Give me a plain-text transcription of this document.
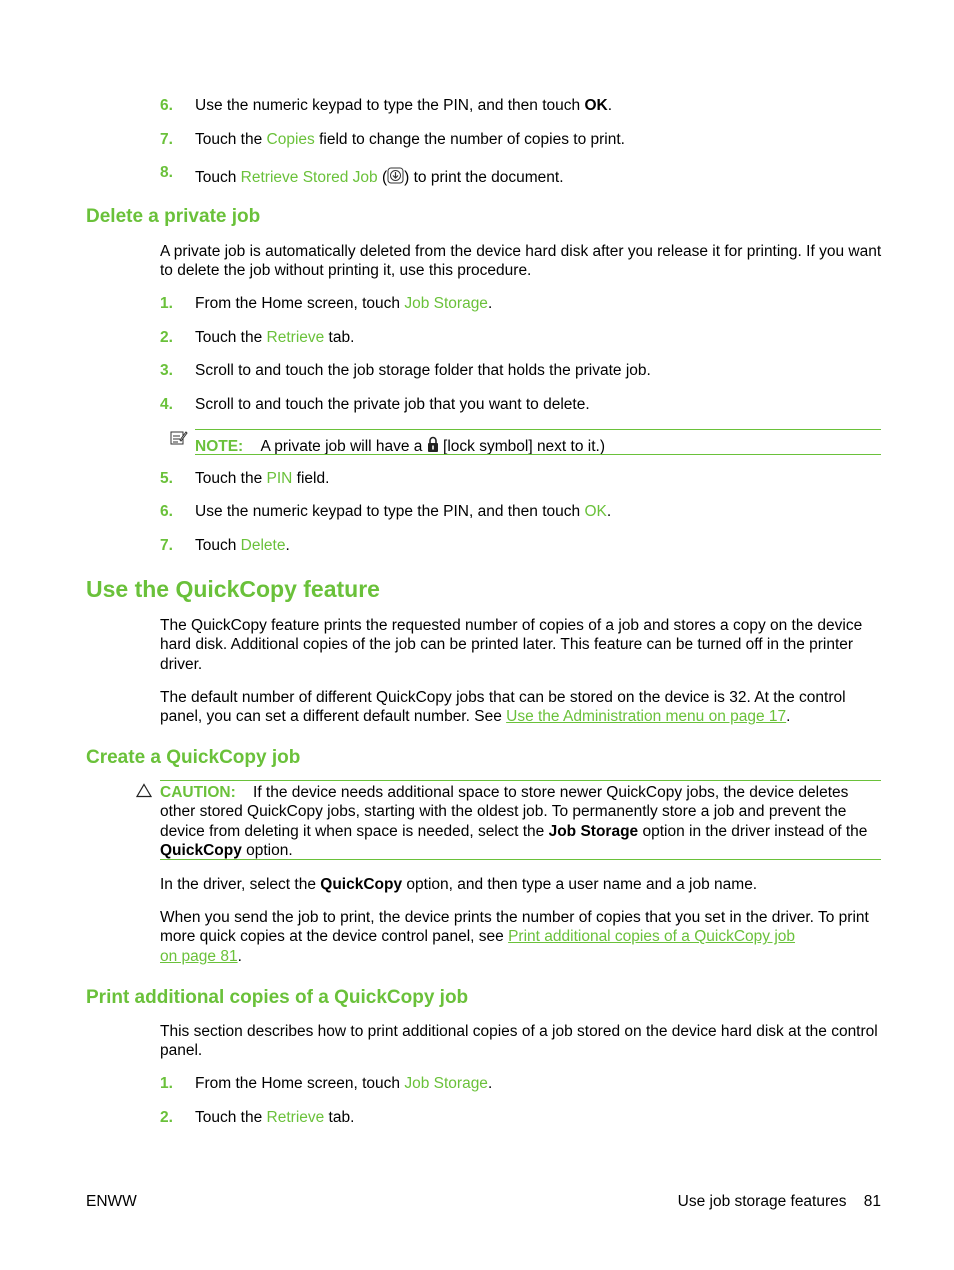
6. Use the numeric keypad to type the PIN, and then touch OK.
7. Touch the Copies field to change the number of copies to print.
8. Touch Retrieve Stored Job ( ) to print the document.
Delete a private job
A private job is automatically deleted from the device hard disk after you release it for printing. If you want to delete the job without printing it, use this procedure.
1. From the Home screen, touch Job Storage.
2. Touch the Retrieve tab.
3. Scroll to and touch the job storage folder that holds the private job.
4. Scroll to and touch the private job that you want to delete.
NOTE: A private job will have a  [lock symbol] next to it.)
5. Touch the PIN field.
6. Use the numeric keypad to type the PIN, and then touch OK.
7. Touch Delete.
Use the QuickCopy feature
The QuickCopy feature prints the requested number of copies of a job and stores a copy on the device hard disk. Additional copies of the job can be printed later. This feature can be turned off in the printer driver.
The default number of different QuickCopy jobs that can be stored on the device is 32. At the control panel, you can set a different default number. See Use the Administration menu on page 17.
Create a QuickCopy job
CAUTION: If the device needs additional space to store newer QuickCopy jobs, the device deletes other stored QuickCopy jobs, starting with the oldest job. To permanently store a job and prevent the device from deleting it when space is needed, select the Job Storage option in the driver instead of the QuickCopy option.
In the driver, select the QuickCopy option, and then type a user name and a job name.
When you send the job to print, the device prints the number of copies that you set in the driver. To print more quick copies at the device control panel, see Print additional copies of a QuickCopy job
on page 81.
Print additional copies of a QuickCopy job
This section describes how to print additional copies of a job stored on the device hard disk at the control panel.
1. From the Home screen, touch Job Storage.
2. Touch the Retrieve tab.
ENWW	Use job storage features 81
